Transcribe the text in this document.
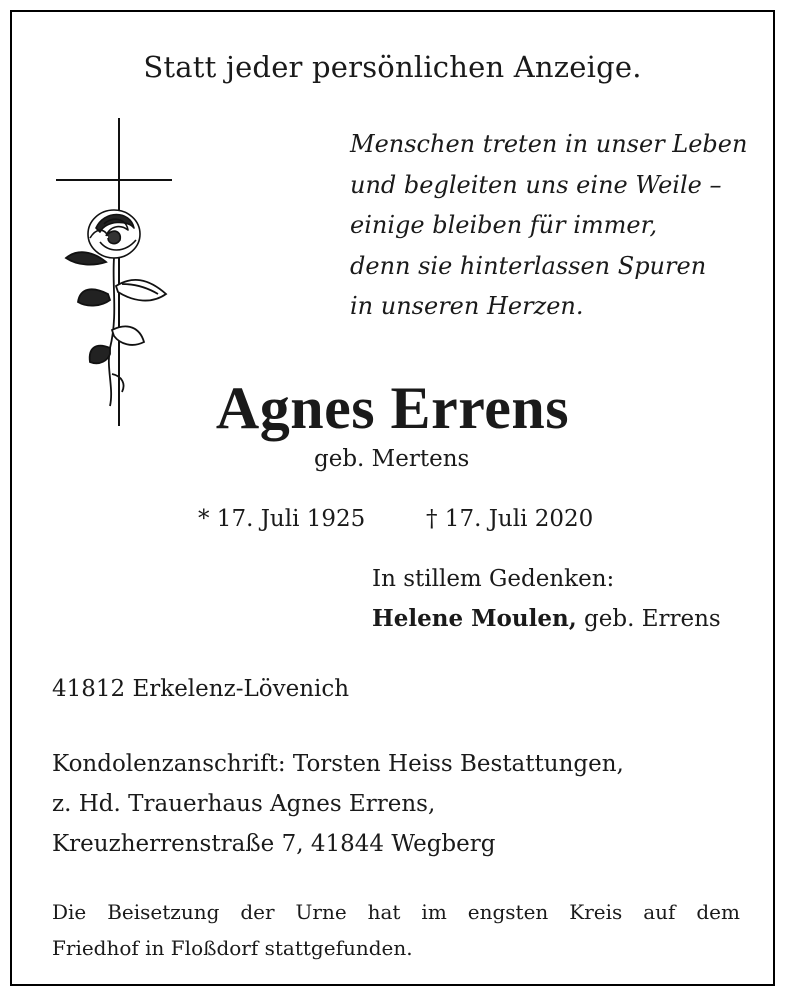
Statt jeder persönlichen Anzeige.
Menschen treten in unser Leben
und begleiten uns eine Weile –
einige bleiben für immer,
denn sie hinterlassen Spuren
in unseren Herzen.
Agnes Errens
geb. Mertens
* 17. Juli 1925	† 17. Juli 2020
In stillem Gedenken:
Helene Moulen, geb. Errens
41812 Erkelenz-Lövenich
Kondolenzanschrift: Torsten Heiss Bestattungen,
z. Hd. Trauerhaus Agnes Errens,
Kreuzherrenstraße 7, 41844 Wegberg
Die Beisetzung der Urne hat im engsten Kreis auf dem
Friedhof in Floßdorf stattgefunden.
